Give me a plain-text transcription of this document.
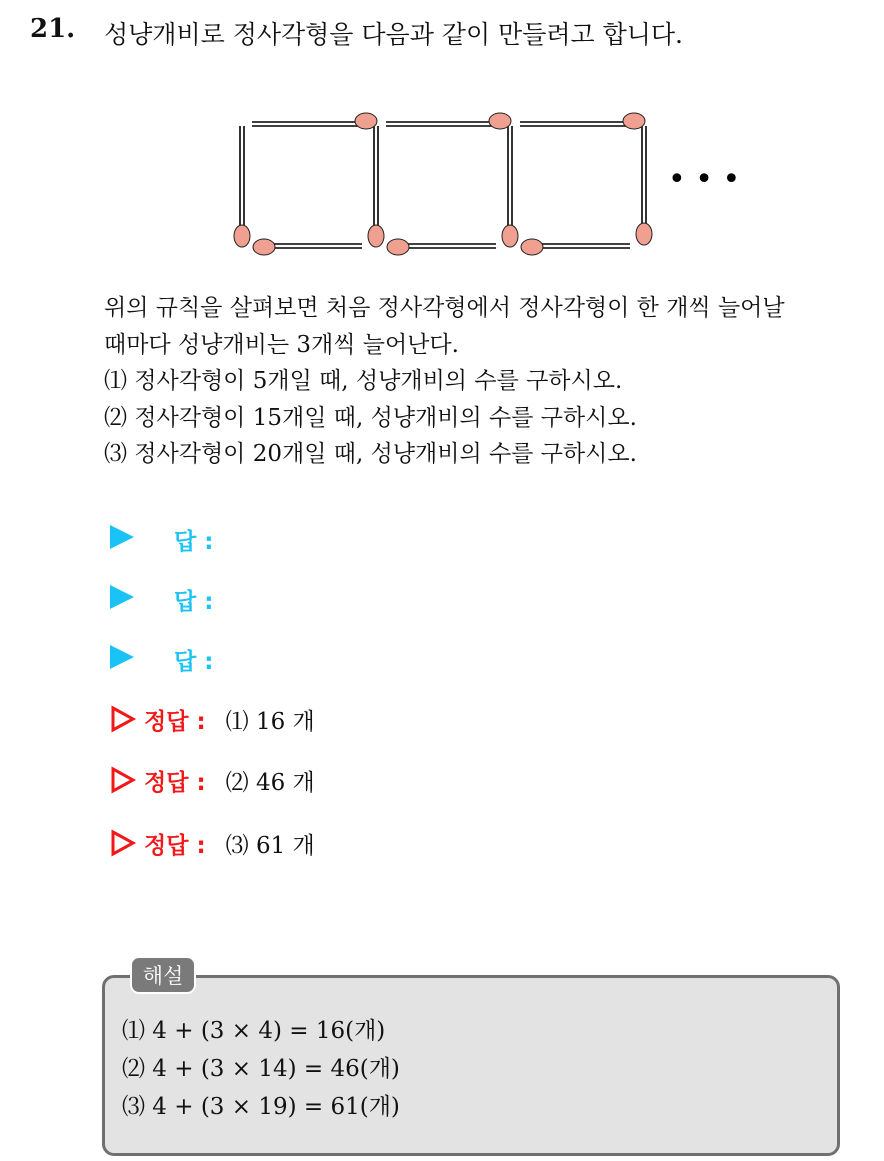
21. 성냥개비로 정사각형을 다음과 같이 만들려고 합니다.
• • •
위의 규칙을 살펴보면 처음 정사각형에서 정사각형이 한 개씩 늘어날
때마다 성냥개비는 3개씩 늘어난다.
⑴ 정사각형이 5개일 때, 성냥개비의 수를 구하시오.
⑵ 정사각형이 15개일 때, 성냥개비의 수를 구하시오.
⑶ 정사각형이 20개일 때, 성냥개비의 수를 구하시오.
답 :
답 :
답 :
정답 : ⑴ 16 개
정답 : ⑵ 46 개
정답 : ⑶ 61 개
해설
⑴ 4 + (3 × 4) = 16(개)
⑵ 4 + (3 × 14) = 46(개)
⑶ 4 + (3 × 19) = 61(개)
